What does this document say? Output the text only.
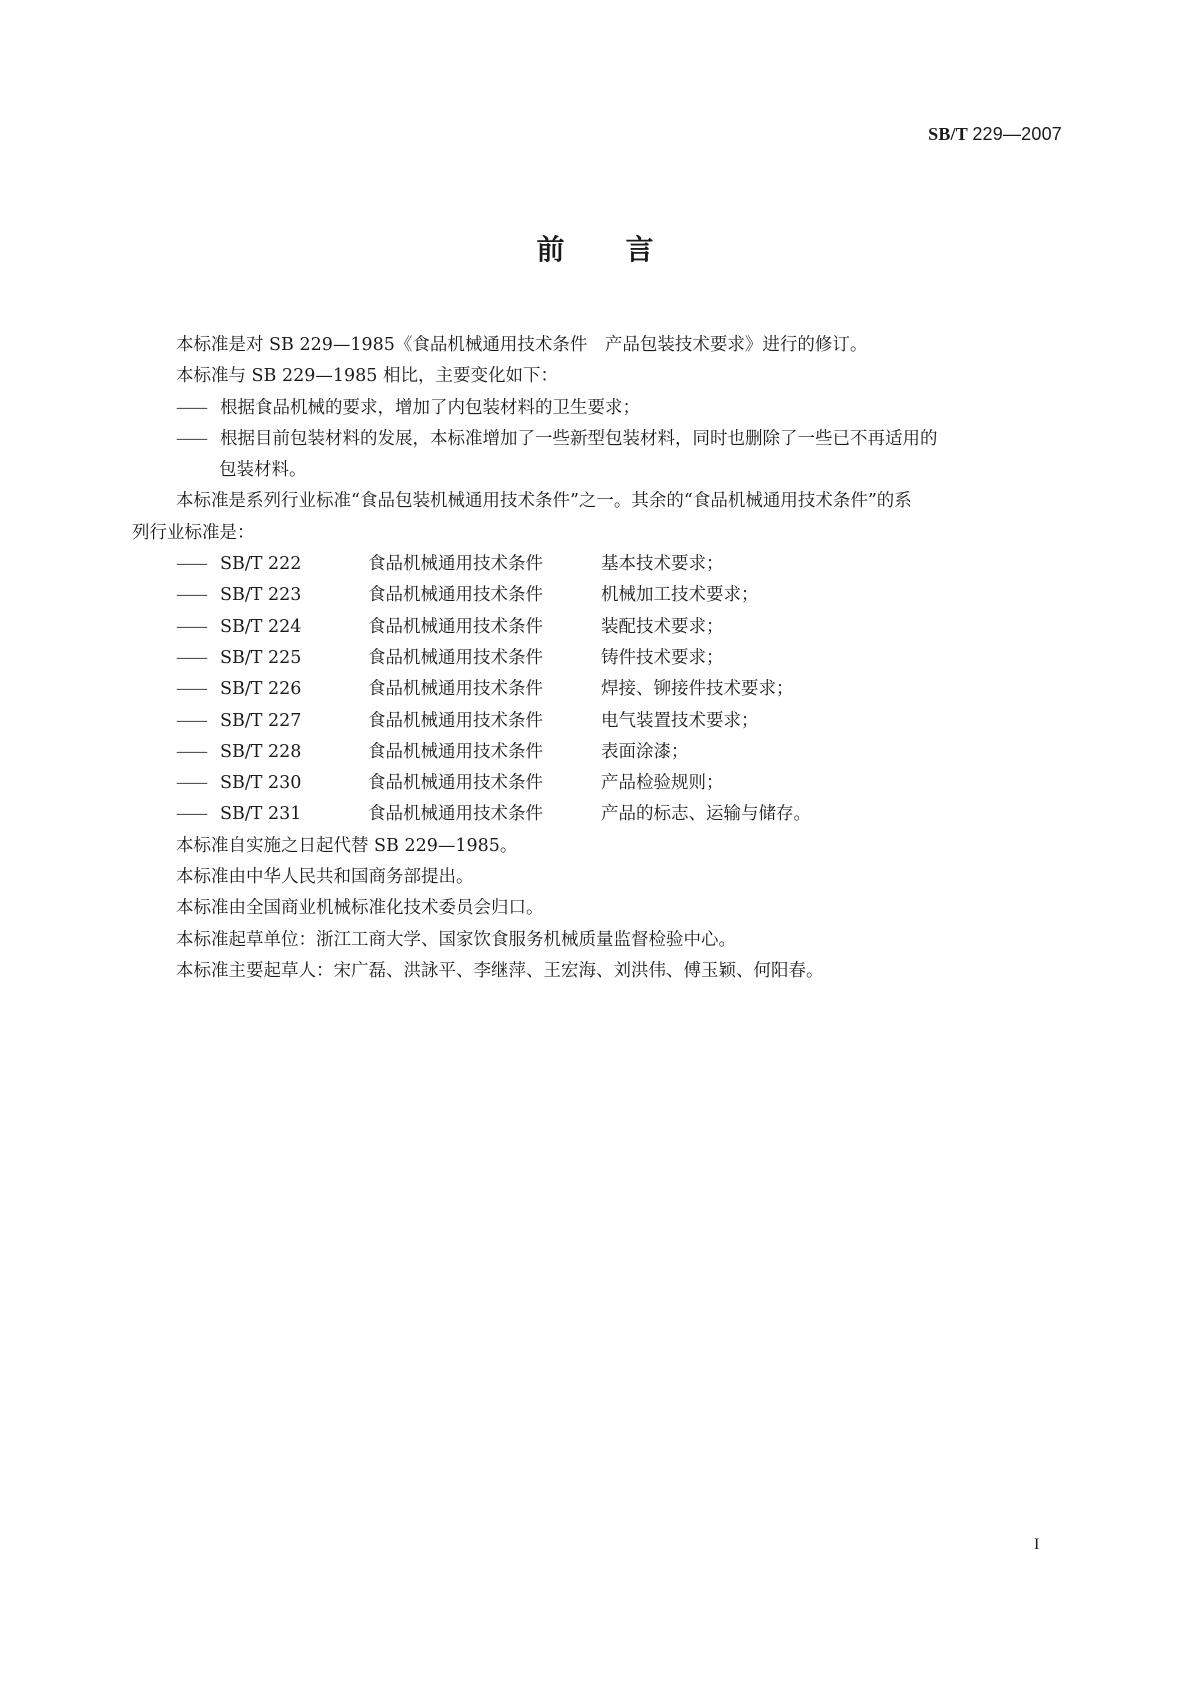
SB/T 229—2007
前 言

本标准是对 SB 229—1985《食品机械通用技术条件　产品包装技术要求》进行的修订。

本标准与 SB 229—1985 相比，主要变化如下：

—— 根据食品机械的要求，增加了内包装材料的卫生要求；

—— 根据目前包装材料的发展，本标准增加了一些新型包装材料，同时也删除了一些已不再适用的

包装材料。

本标准是系列行业标准“食品包装机械通用技术条件”之一。其余的“食品机械通用技术条件”的系

列行业标准是：

—— SB/T 222	食品机械通用技术条件	基本技术要求；
—— SB/T 223	食品机械通用技术条件	机械加工技术要求；
—— SB/T 224	食品机械通用技术条件	装配技术要求；
—— SB/T 225	食品机械通用技术条件	铸件技术要求；
—— SB/T 226	食品机械通用技术条件	焊接、铆接件技术要求；
—— SB/T 227	食品机械通用技术条件	电气装置技术要求；
—— SB/T 228	食品机械通用技术条件	表面涂漆；
—— SB/T 230	食品机械通用技术条件	产品检验规则；
—— SB/T 231	食品机械通用技术条件	产品的标志、运输与储存。

本标准自实施之日起代替 SB 229—1985。

本标准由中华人民共和国商务部提出。

本标准由全国商业机械标准化技术委员会归口。

本标准起草单位：浙江工商大学、国家饮食服务机械质量监督检验中心。

本标准主要起草人：宋广磊、洪詠平、李继萍、王宏海、刘洪伟、傅玉颖、何阳春。

I
